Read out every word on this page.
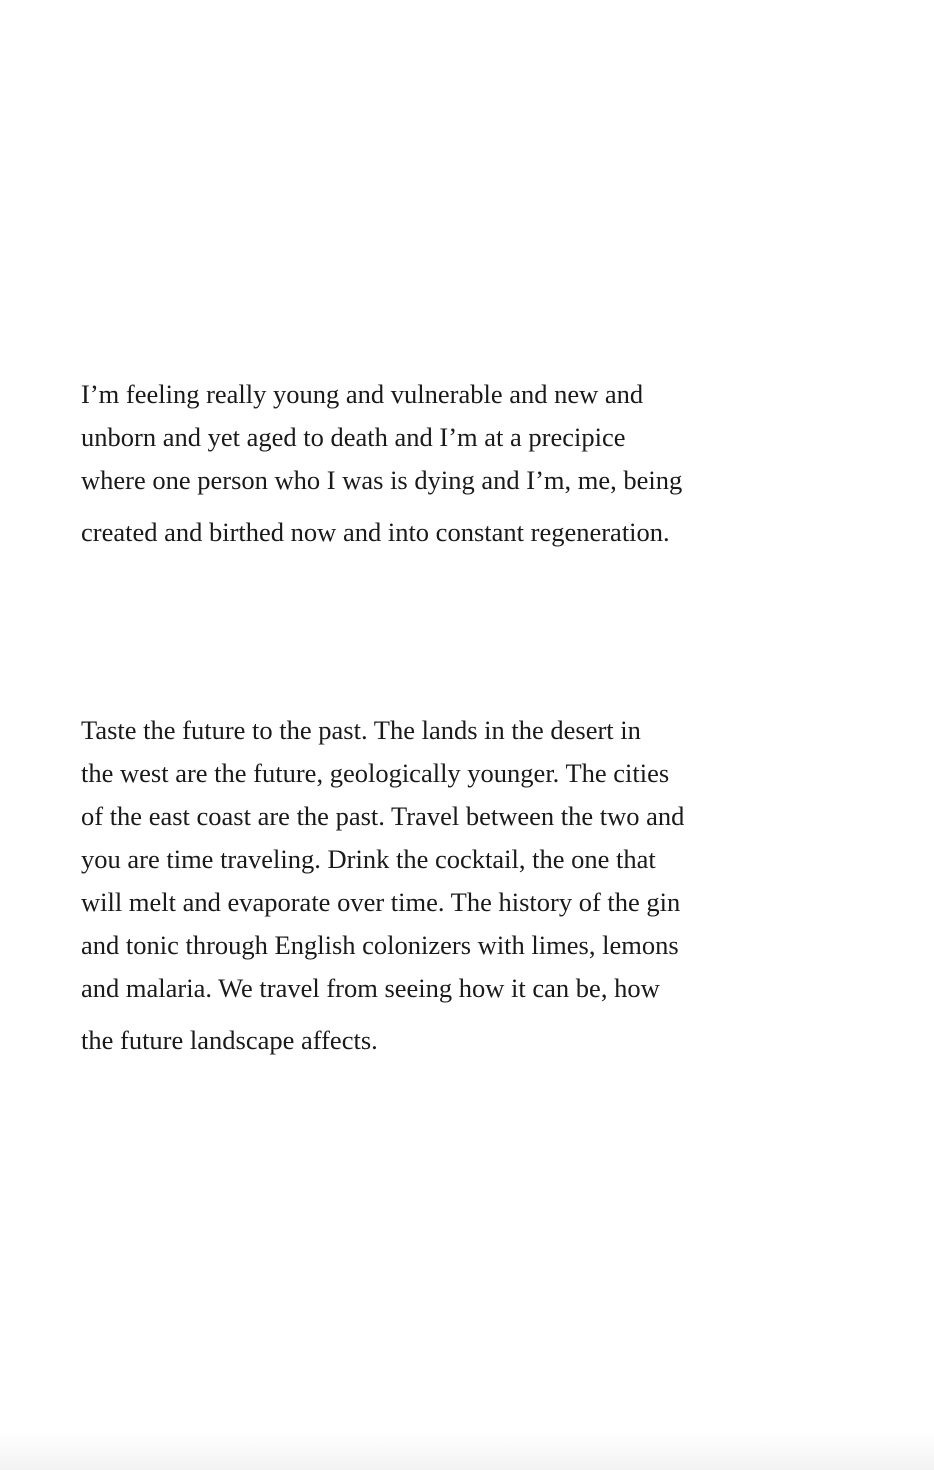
I’m feeling really young and vulnerable and new and
unborn and yet aged to death and I’m at a precipice
where one person who I was is dying and I’m, me, being
created and birthed now and into constant regeneration.

Taste the future to the past. The lands in the desert in
the west are the future, geologically younger. The cities
of the east coast are the past. Travel between the two and
you are time traveling. Drink the cocktail, the one that
will melt and evaporate over time. The history of the gin
and tonic through English colonizers with limes, lemons
and malaria. We travel from seeing how it can be, how
the future landscape affects.
